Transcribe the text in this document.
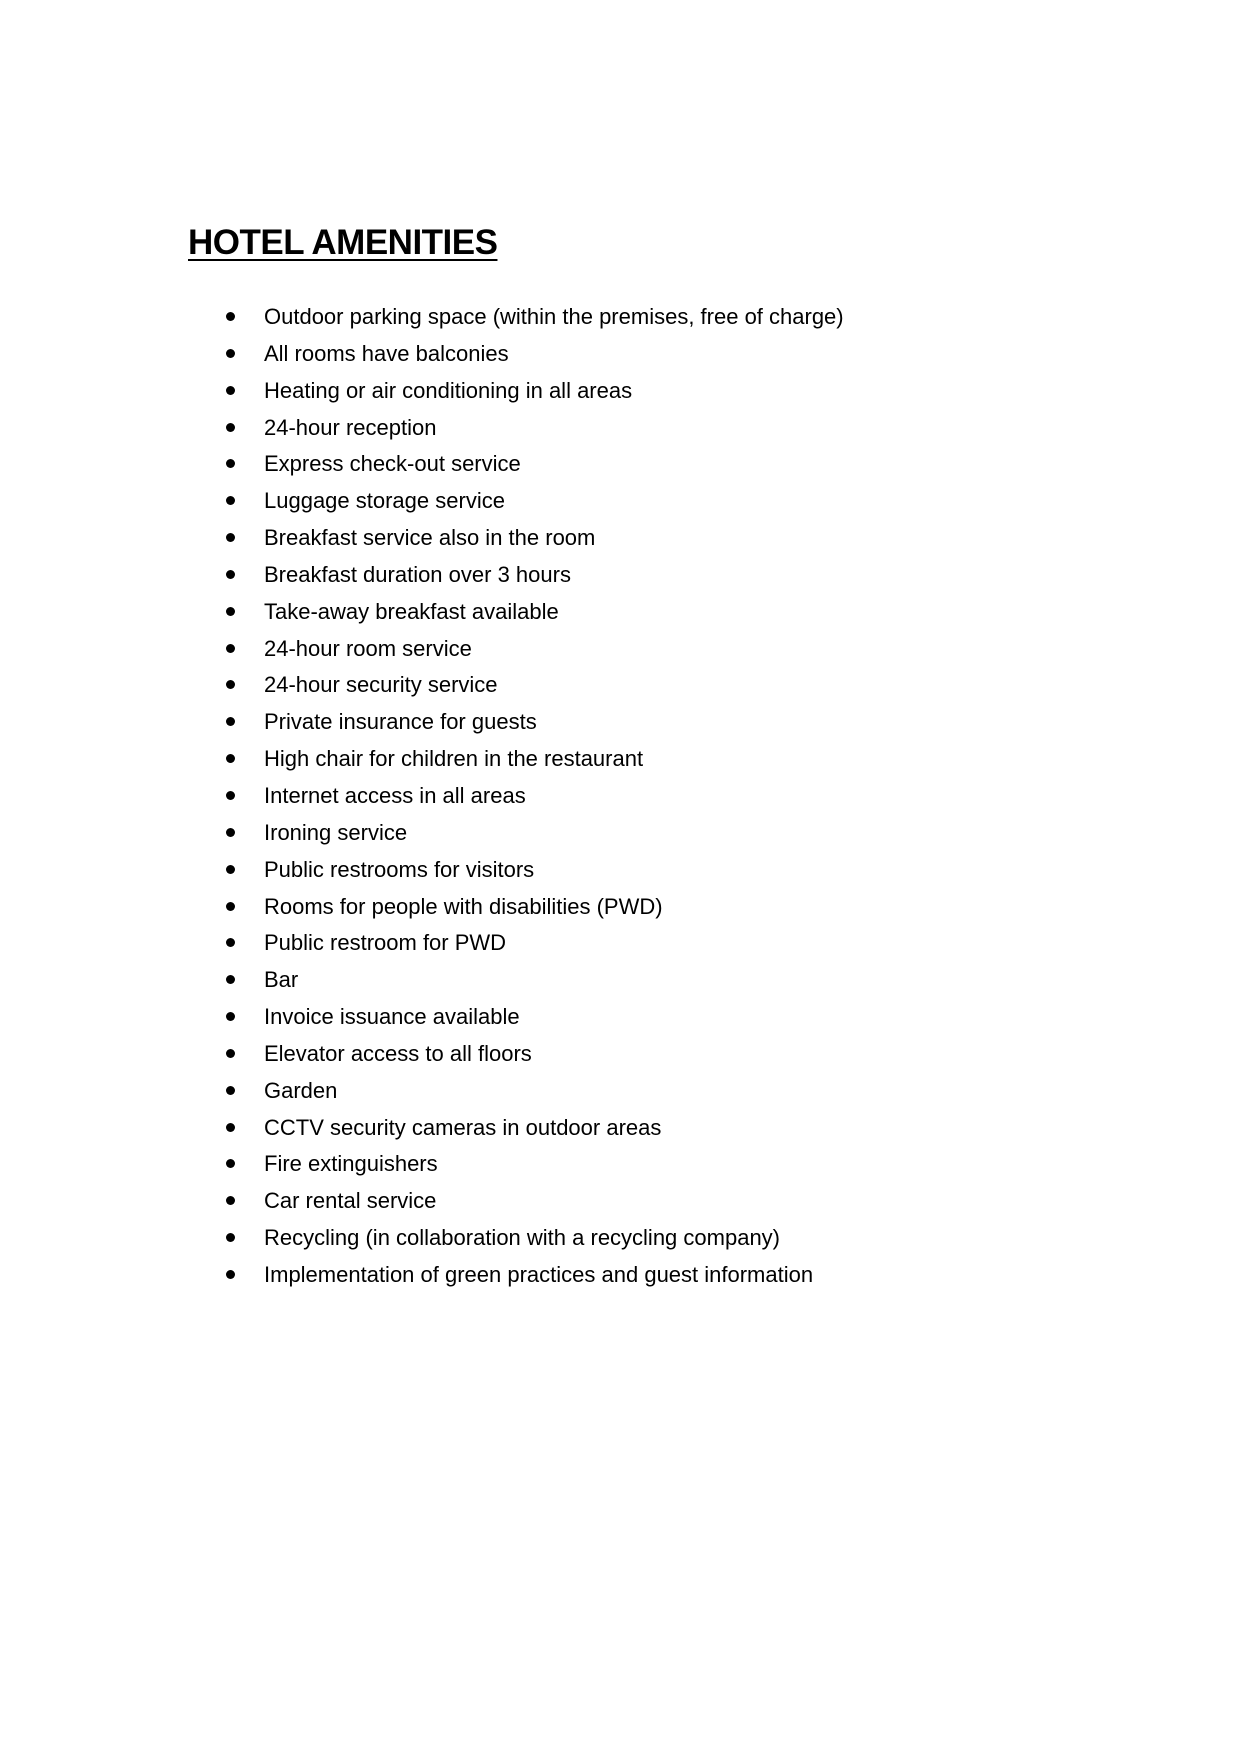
HOTEL AMENITIES
Outdoor parking space (within the premises, free of charge)
All rooms have balconies
Heating or air conditioning in all areas
24-hour reception
Express check-out service
Luggage storage service
Breakfast service also in the room
Breakfast duration over 3 hours
Take-away breakfast available
24-hour room service
24-hour security service
Private insurance for guests
High chair for children in the restaurant
Internet access in all areas
Ironing service
Public restrooms for visitors
Rooms for people with disabilities (PWD)
Public restroom for PWD
Bar
Invoice issuance available
Elevator access to all floors
Garden
CCTV security cameras in outdoor areas
Fire extinguishers
Car rental service
Recycling (in collaboration with a recycling company)
Implementation of green practices and guest information
